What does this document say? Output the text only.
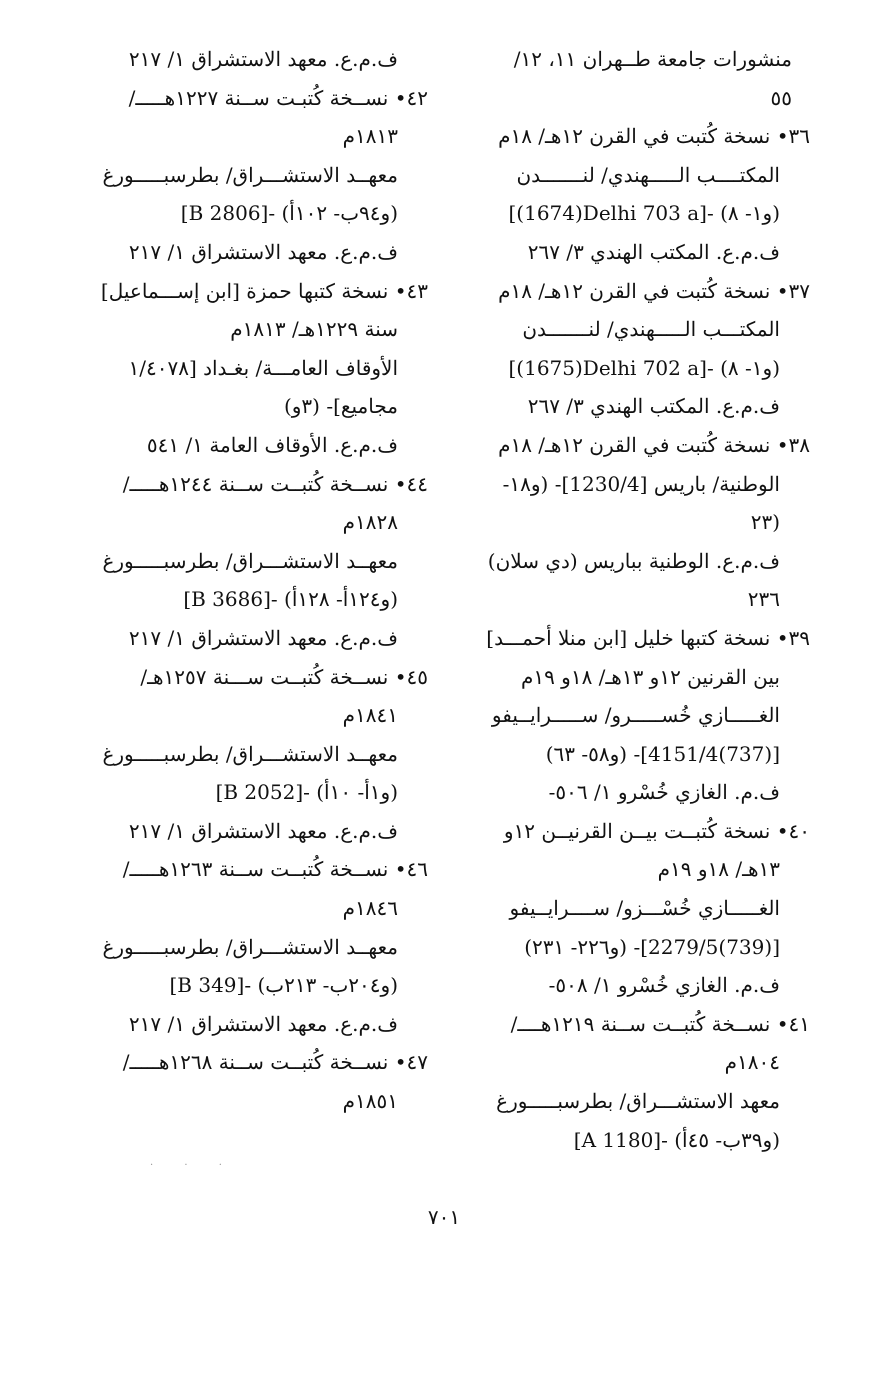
منشورات جامعة طــهران ١١، ١٢/
٥٥
٣٦• نسخة كُتبت في القرن ١٢هـ/ ١٨م
المكتــــب الـــــهندي/ لنـــــــدن
[(1674)Delhi 703 a]- (و١- ٨)
ف.م.ع. المكتب الهندي ٣/ ٢٦٧
٣٧• نسخة كُتبت في القرن ١٢هـ/ ١٨م
المكتـــب الـــــهندي/ لنـــــــدن
[(1675)Delhi 702 a]- (و١- ٨)
ف.م.ع. المكتب الهندي ٣/ ٢٦٧
٣٨• نسخة كُتبت في القرن ١٢هـ/ ١٨م
الوطنية/ باريس [1230/4]- (و١٨-
٢٣)
ف.م.ع. الوطنية بباريس (دي سلان)
٢٣٦
٣٩• نسخة كتبها خليل [ابن منلا أحمـــد]
بين القرنين ١٢و ١٣هـ/ ١٨و ١٩م
الغـــــازي خُســـــرو/ ســـــرايــيفو
[(737)4151/4]- (و٥٨- ٦٣)
ف.م. الغازي خُسْرو ١/ ٥٠٦-
٤٠• نسخة كُتبــت بيــن القرنيــن ١٢و
١٣هـ/ ١٨و ١٩م
الغـــــازي خُسْـــزو/ ســــرايــيفو
[(739)2279/5]- (و٢٢٦- ٢٣١)
ف.م. الغازي خُسْرو ١/ ٥٠٨-
٤١• نســخة كُتبــت ســنة ١٢١٩هــــ/
١٨٠٤م
معهد الاستشـــراق/ بطرسبـــــورغ
[A 1180]- (و٣٩ب- ٤٥أ)
ف.م.ع. معهد الاستشراق ١/ ٢١٧
٤٢• نســخة كُتبـت ســنة ١٢٢٧هـــــ/
١٨١٣م
معهــد الاستشـــراق/ بطرسبـــــورغ
[B 2806]- (و٩٤ب- ١٠٢أ)
ف.م.ع. معهد الاستشراق ١/ ٢١٧
٤٣• نسخة كتبها حمزة [ابن إســـماعيل]
سنة ١٢٢٩هـ/ ١٨١٣م
الأوقاف العامـــة/ بغـداد [١/٤٠٧٨
مجاميع]- (٣و)
ف.م.ع. الأوقاف العامة ١/ ٥٤١
٤٤• نســخة كُتبــت ســنة ١٢٤٤هـــــ/
١٨٢٨م
معهــد الاستشـــراق/ بطرسبـــــورغ
[B 3686]- (و١٢٤أ- ١٢٨أ)
ف.م.ع. معهد الاستشراق ١/ ٢١٧
٤٥• نســخة كُتبــت ســـنة ١٢٥٧هـ/
١٨٤١م
معهــد الاستشـــراق/ بطرسبـــــورغ
[B 2052]- (و١أ- ١٠أ)
ف.م.ع. معهد الاستشراق ١/ ٢١٧
٤٦• نســخة كُتبــت ســنة ١٢٦٣هـــــ/
١٨٤٦م
معهــد الاستشـــراق/ بطرسبـــــورغ
[B 349]- (و٢٠٤ب- ٢١٣ب)
ف.م.ع. معهد الاستشراق ١/ ٢١٧
٤٧• نســخة كُتبــت ســنة ١٢٦٨هـــــ/
١٨٥١م
· · ·
٧٠١
